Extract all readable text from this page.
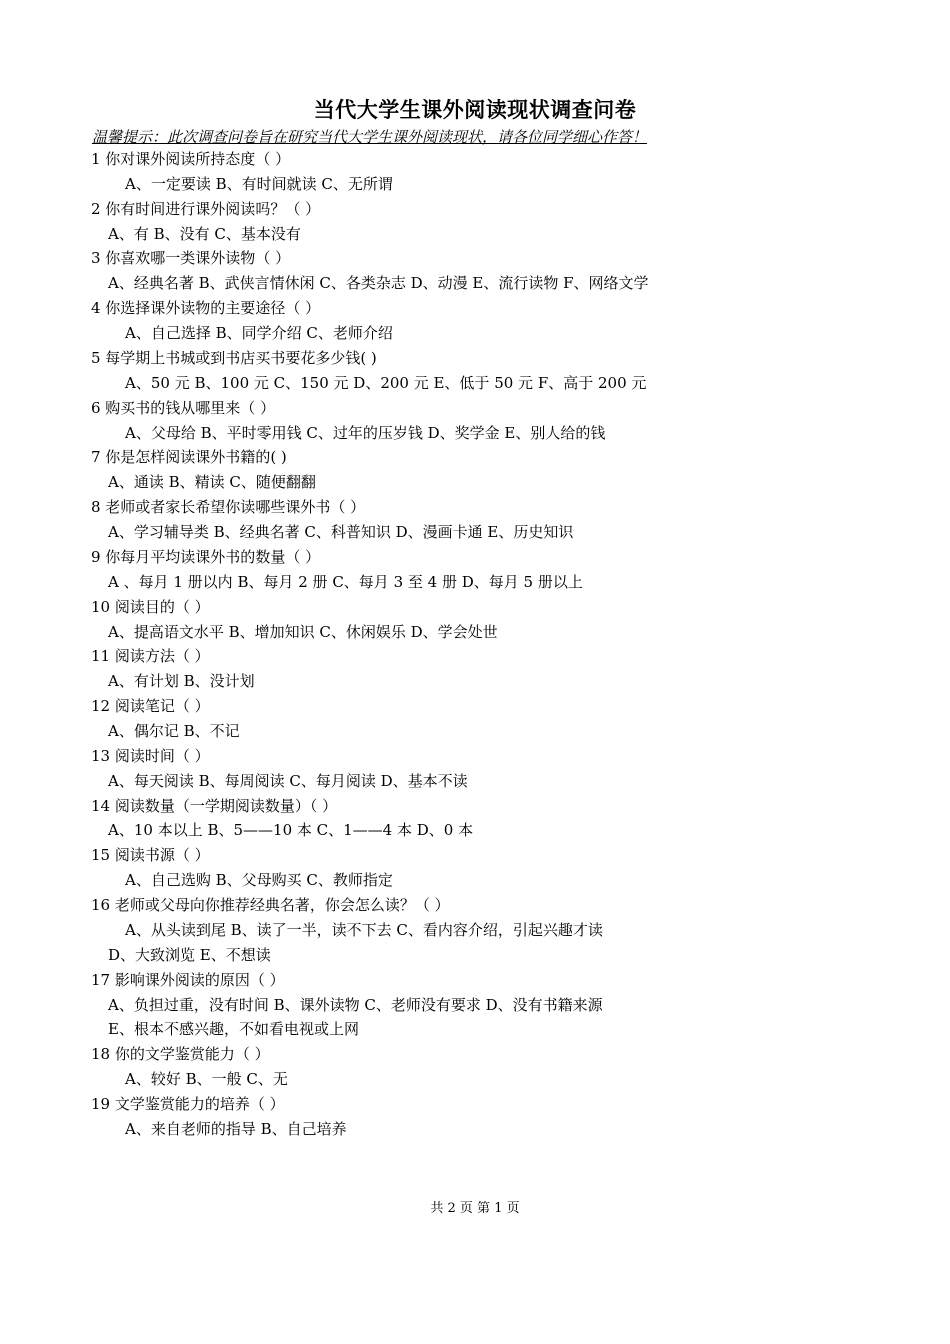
当代大学生课外阅读现状调查问卷
温馨提示：此次调查问卷旨在研究当代大学生课外阅读现状，请各位同学细心作答！
1 你对课外阅读所持态度（ ）
A、一定要读 B、有时间就读 C、无所谓
2 你有时间进行课外阅读吗？（ ）
A、有 B、没有 C、基本没有
3 你喜欢哪一类课外读物（ ）
A、经典名著 B、武侠言情休闲 C、各类杂志 D、动漫 E、流行读物 F、网络文学
4 你选择课外读物的主要途径（ ）
A、自己选择 B、同学介绍 C、老师介绍
5 每学期上书城或到书店买书要花多少钱( )
A、50 元 B、100 元 C、150 元 D、200 元 E、低于 50 元 F、高于 200 元
6 购买书的钱从哪里来（ ）
A、父母给 B、平时零用钱 C、过年的压岁钱 D、奖学金 E、别人给的钱
7 你是怎样阅读课外书籍的( )
A、通读 B、精读 C、随便翻翻
8 老师或者家长希望你读哪些课外书（ ）
A、学习辅导类 B、经典名著 C、科普知识 D、漫画卡通 E、历史知识
9 你每月平均读课外书的数量（ ）
A 、每月 1 册以内 B、每月 2 册 C、每月 3 至 4 册 D、每月 5 册以上
10 阅读目的（ ）
A、提高语文水平 B、增加知识 C、休闲娱乐 D、学会处世
11 阅读方法（ ）
A、有计划 B、没计划
12 阅读笔记（ ）
A、偶尔记 B、不记
13 阅读时间（ ）
A、每天阅读 B、每周阅读 C、每月阅读 D、基本不读
14 阅读数量（一学期阅读数量）（ ）
A、10 本以上 B、5——10 本 C、1——4 本 D、0 本
15 阅读书源（ ）
A、自己选购 B、父母购买 C、教师指定
16 老师或父母向你推荐经典名著，你会怎么读？（ ）
A、从头读到尾 B、读了一半，读不下去 C、看内容介绍，引起兴趣才读
D、大致浏览 E、不想读
17 影响课外阅读的原因（ ）
A、负担过重，没有时间 B、课外读物 C、老师没有要求 D、没有书籍来源
E、根本不感兴趣，不如看电视或上网
18 你的文学鉴赏能力（ ）
A、较好 B、一般 C、无
19 文学鉴赏能力的培养（ ）
A、来自老师的指导 B、自己培养
共 2 页 第 1 页
